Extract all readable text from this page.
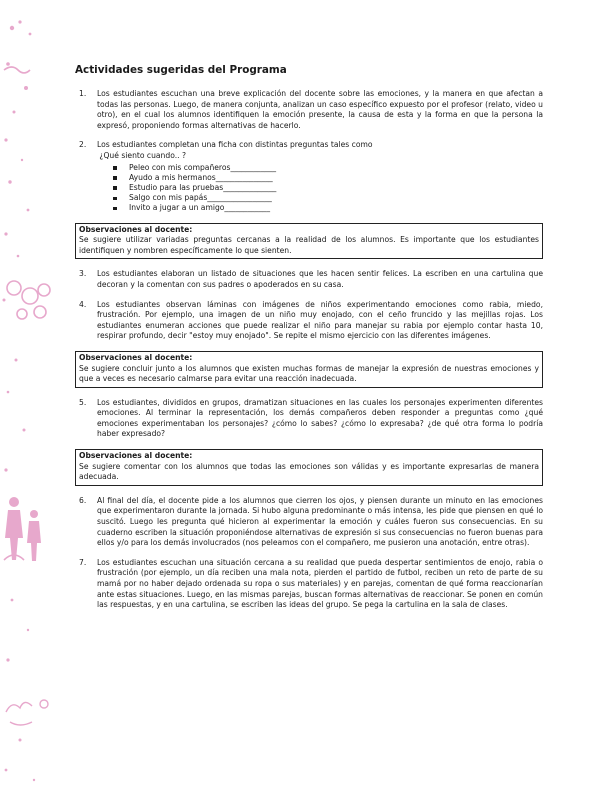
Actividades sugeridas del Programa
1.	Los estudiantes escuchan una breve explicación del docente sobre las emociones, y la manera en que afectan a todas las personas. Luego, de manera conjunta, analizan un caso específico expuesto por el profesor (relato, video u otro), en el cual los alumnos identifiquen la emoción presente, la causa de esta y la forma en que la persona la expresó, proponiendo formas alternativas de hacerlo.
2.	Los estudiantes completan una ficha con distintas preguntas tales como
¿Qué siento cuando.. ?
Peleo con mis compañeros____________
Ayudo a mis hermanos_______________
Estudio para las pruebas______________
Salgo con mis papás_________________
Invito a jugar a un amigo____________
Observaciones al docente:
Se sugiere utilizar variadas preguntas cercanas a la realidad de los alumnos. Es importante que los estudiantes identifiquen y nombren específicamente lo que sienten.
3.	Los estudiantes elaboran un listado de situaciones que les hacen sentir felices. La escriben en una cartulina que decoran y la comentan con sus padres o apoderados en su casa.
4.	Los estudiantes observan láminas con imágenes de niños experimentando emociones como rabia, miedo, frustración. Por ejemplo, una imagen de un niño muy enojado, con el ceño fruncido y las mejillas rojas. Los estudiantes enumeran acciones que puede realizar el niño para manejar su rabia por ejemplo contar hasta 10, respirar profundo, decir "estoy muy enojado". Se repite el mismo ejercicio con las diferentes imágenes.
Observaciones al docente:
Se sugiere concluir junto a los alumnos que existen muchas formas de manejar la expresión de nuestras emociones y que a veces es necesario calmarse para evitar una reacción inadecuada.
5.	Los estudiantes, divididos en grupos, dramatizan situaciones en las cuales los personajes experimenten diferentes emociones. Al terminar la representación, los demás compañeros deben responder a preguntas como ¿qué emociones experimentaban los personajes? ¿cómo lo sabes? ¿cómo lo expresaba? ¿de qué otra forma lo podría haber expresado?
Observaciones al docente:
Se sugiere comentar con los alumnos que todas las emociones son válidas y es importante expresarlas de manera adecuada.
6.	Al final del día, el docente pide a los alumnos que cierren los ojos, y piensen durante un minuto en las emociones que experimentaron durante la jornada. Si hubo alguna predominante o más intensa, les pide que piensen en qué lo suscitó. Luego les pregunta qué hicieron al experimentar la emoción y cuáles fueron sus consecuencias. En su cuaderno escriben la situación proponiéndose alternativas de expresión si sus consecuencias no fueron buenas para ellos y/o para los demás involucrados (nos peleamos con el compañero, me pusieron una anotación, entre otras).
7.	Los estudiantes escuchan una situación cercana a su realidad que pueda despertar sentimientos de enojo, rabia o frustración (por ejemplo, un día reciben una mala nota, pierden el partido de futbol, reciben un reto de parte de su mamá por no haber dejado ordenada su ropa o sus materiales) y en parejas, comentan de qué forma reaccionarían ante estas situaciones. Luego, en las mismas parejas, buscan formas alternativas de reaccionar. Se ponen en común las respuestas, y en una cartulina, se escriben las ideas del grupo. Se pega la cartulina en la sala de clases.
